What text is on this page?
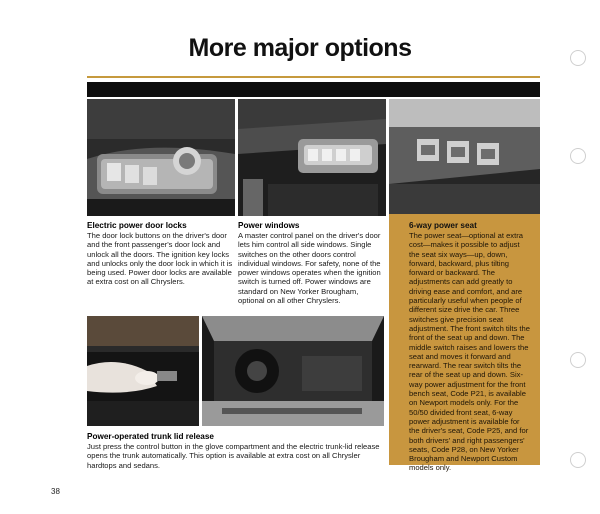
More major options
Electric power door locks

The door lock buttons on the driver's door and the front passenger's door lock and unlock all the doors. The ignition key locks and unlocks only the door lock in which it is being used. Power door locks are available at extra cost on all Chryslers.

Power windows

A master control panel on the driver's door lets him control all side windows. Single switches on the other doors control individual windows. For safety, none of the power windows operates when the ignition switch is turned off. Power windows are standard on New Yorker Brougham, optional on all other Chryslers.

6-way power seat

The power seat—optional at extra cost—makes it possible to adjust the seat six ways—up, down, forward, backward, plus tilting forward or backward. The adjustments can add greatly to driving ease and comfort, and are particularly useful when people of different size drive the car. Three switches give precision seat adjustment. The front switch tilts the front of the seat up and down. The middle switch raises and lowers the seat and moves it forward and rearward. The rear switch tilts the rear of the seat up and down. Six-way power adjustment for the front bench seat, Code P21, is available on Newport models only. For the 50/50 divided front seat, 6-way power adjustment is available for the driver's seat, Code P25, and for both drivers' and right passengers' seats, Code P28, on New Yorker Brougham and Newport Custom models only.

Power-operated trunk lid release

Just press the control button in the glove compartment and the electric trunk-lid release opens the trunk automatically. This option is available at extra cost on all Chrysler hardtops and sedans.

38
